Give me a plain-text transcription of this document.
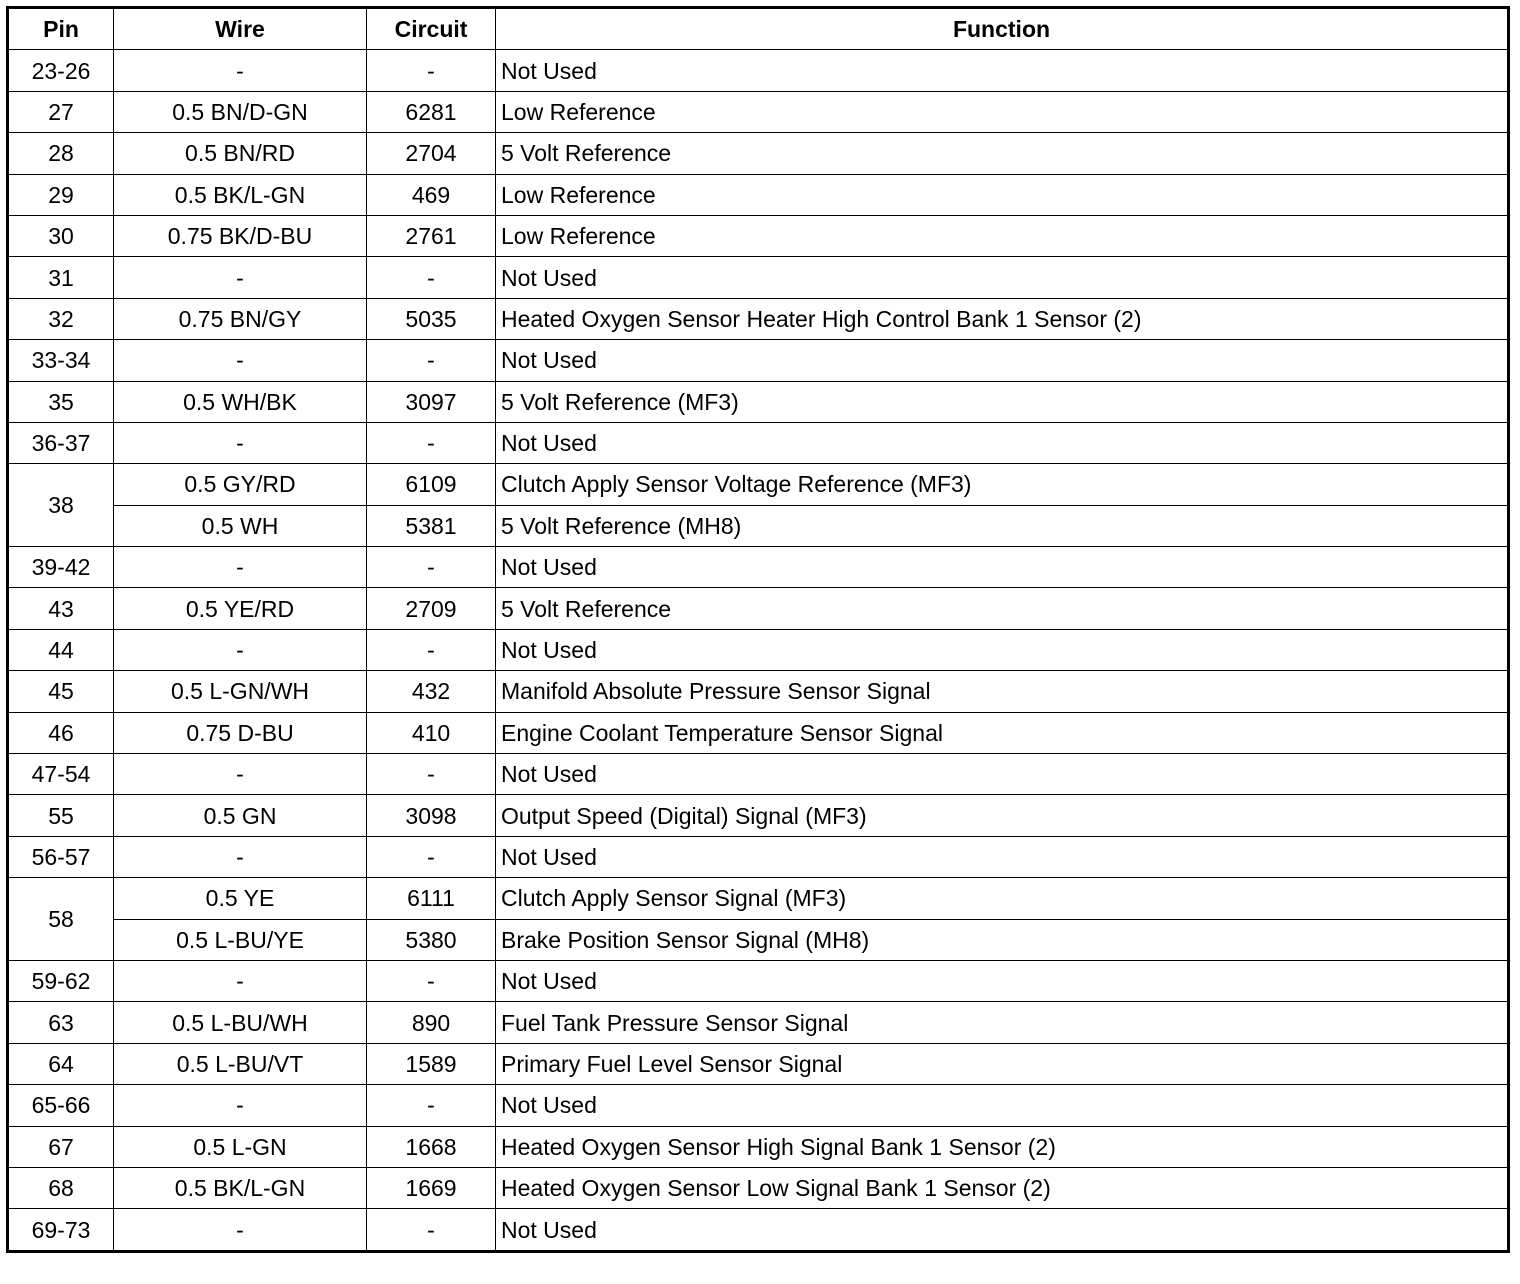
Pin	Wire	Circuit	Function
23-26	-	-	Not Used
27	0.5 BN/D-GN	6281	Low Reference
28	0.5 BN/RD	2704	5 Volt Reference
29	0.5 BK/L-GN	469	Low Reference
30	0.75 BK/D-BU	2761	Low Reference
31	-	-	Not Used
32	0.75 BN/GY	5035	Heated Oxygen Sensor Heater High Control Bank 1 Sensor (2)
33-34	-	-	Not Used
35	0.5 WH/BK	3097	5 Volt Reference (MF3)
36-37	-	-	Not Used
38	0.5 GY/RD	6109	Clutch Apply Sensor Voltage Reference (MF3)
	0.5 WH	5381	5 Volt Reference (MH8)
39-42	-	-	Not Used
43	0.5 YE/RD	2709	5 Volt Reference
44	-	-	Not Used
45	0.5 L-GN/WH	432	Manifold Absolute Pressure Sensor Signal
46	0.75 D-BU	410	Engine Coolant Temperature Sensor Signal
47-54	-	-	Not Used
55	0.5 GN	3098	Output Speed (Digital) Signal (MF3)
56-57	-	-	Not Used
58	0.5 YE	6111	Clutch Apply Sensor Signal (MF3)
	0.5 L-BU/YE	5380	Brake Position Sensor Signal (MH8)
59-62	-	-	Not Used
63	0.5 L-BU/WH	890	Fuel Tank Pressure Sensor Signal
64	0.5 L-BU/VT	1589	Primary Fuel Level Sensor Signal
65-66	-	-	Not Used
67	0.5 L-GN	1668	Heated Oxygen Sensor High Signal Bank 1 Sensor (2)
68	0.5 BK/L-GN	1669	Heated Oxygen Sensor Low Signal Bank 1 Sensor (2)
69-73	-	-	Not Used
